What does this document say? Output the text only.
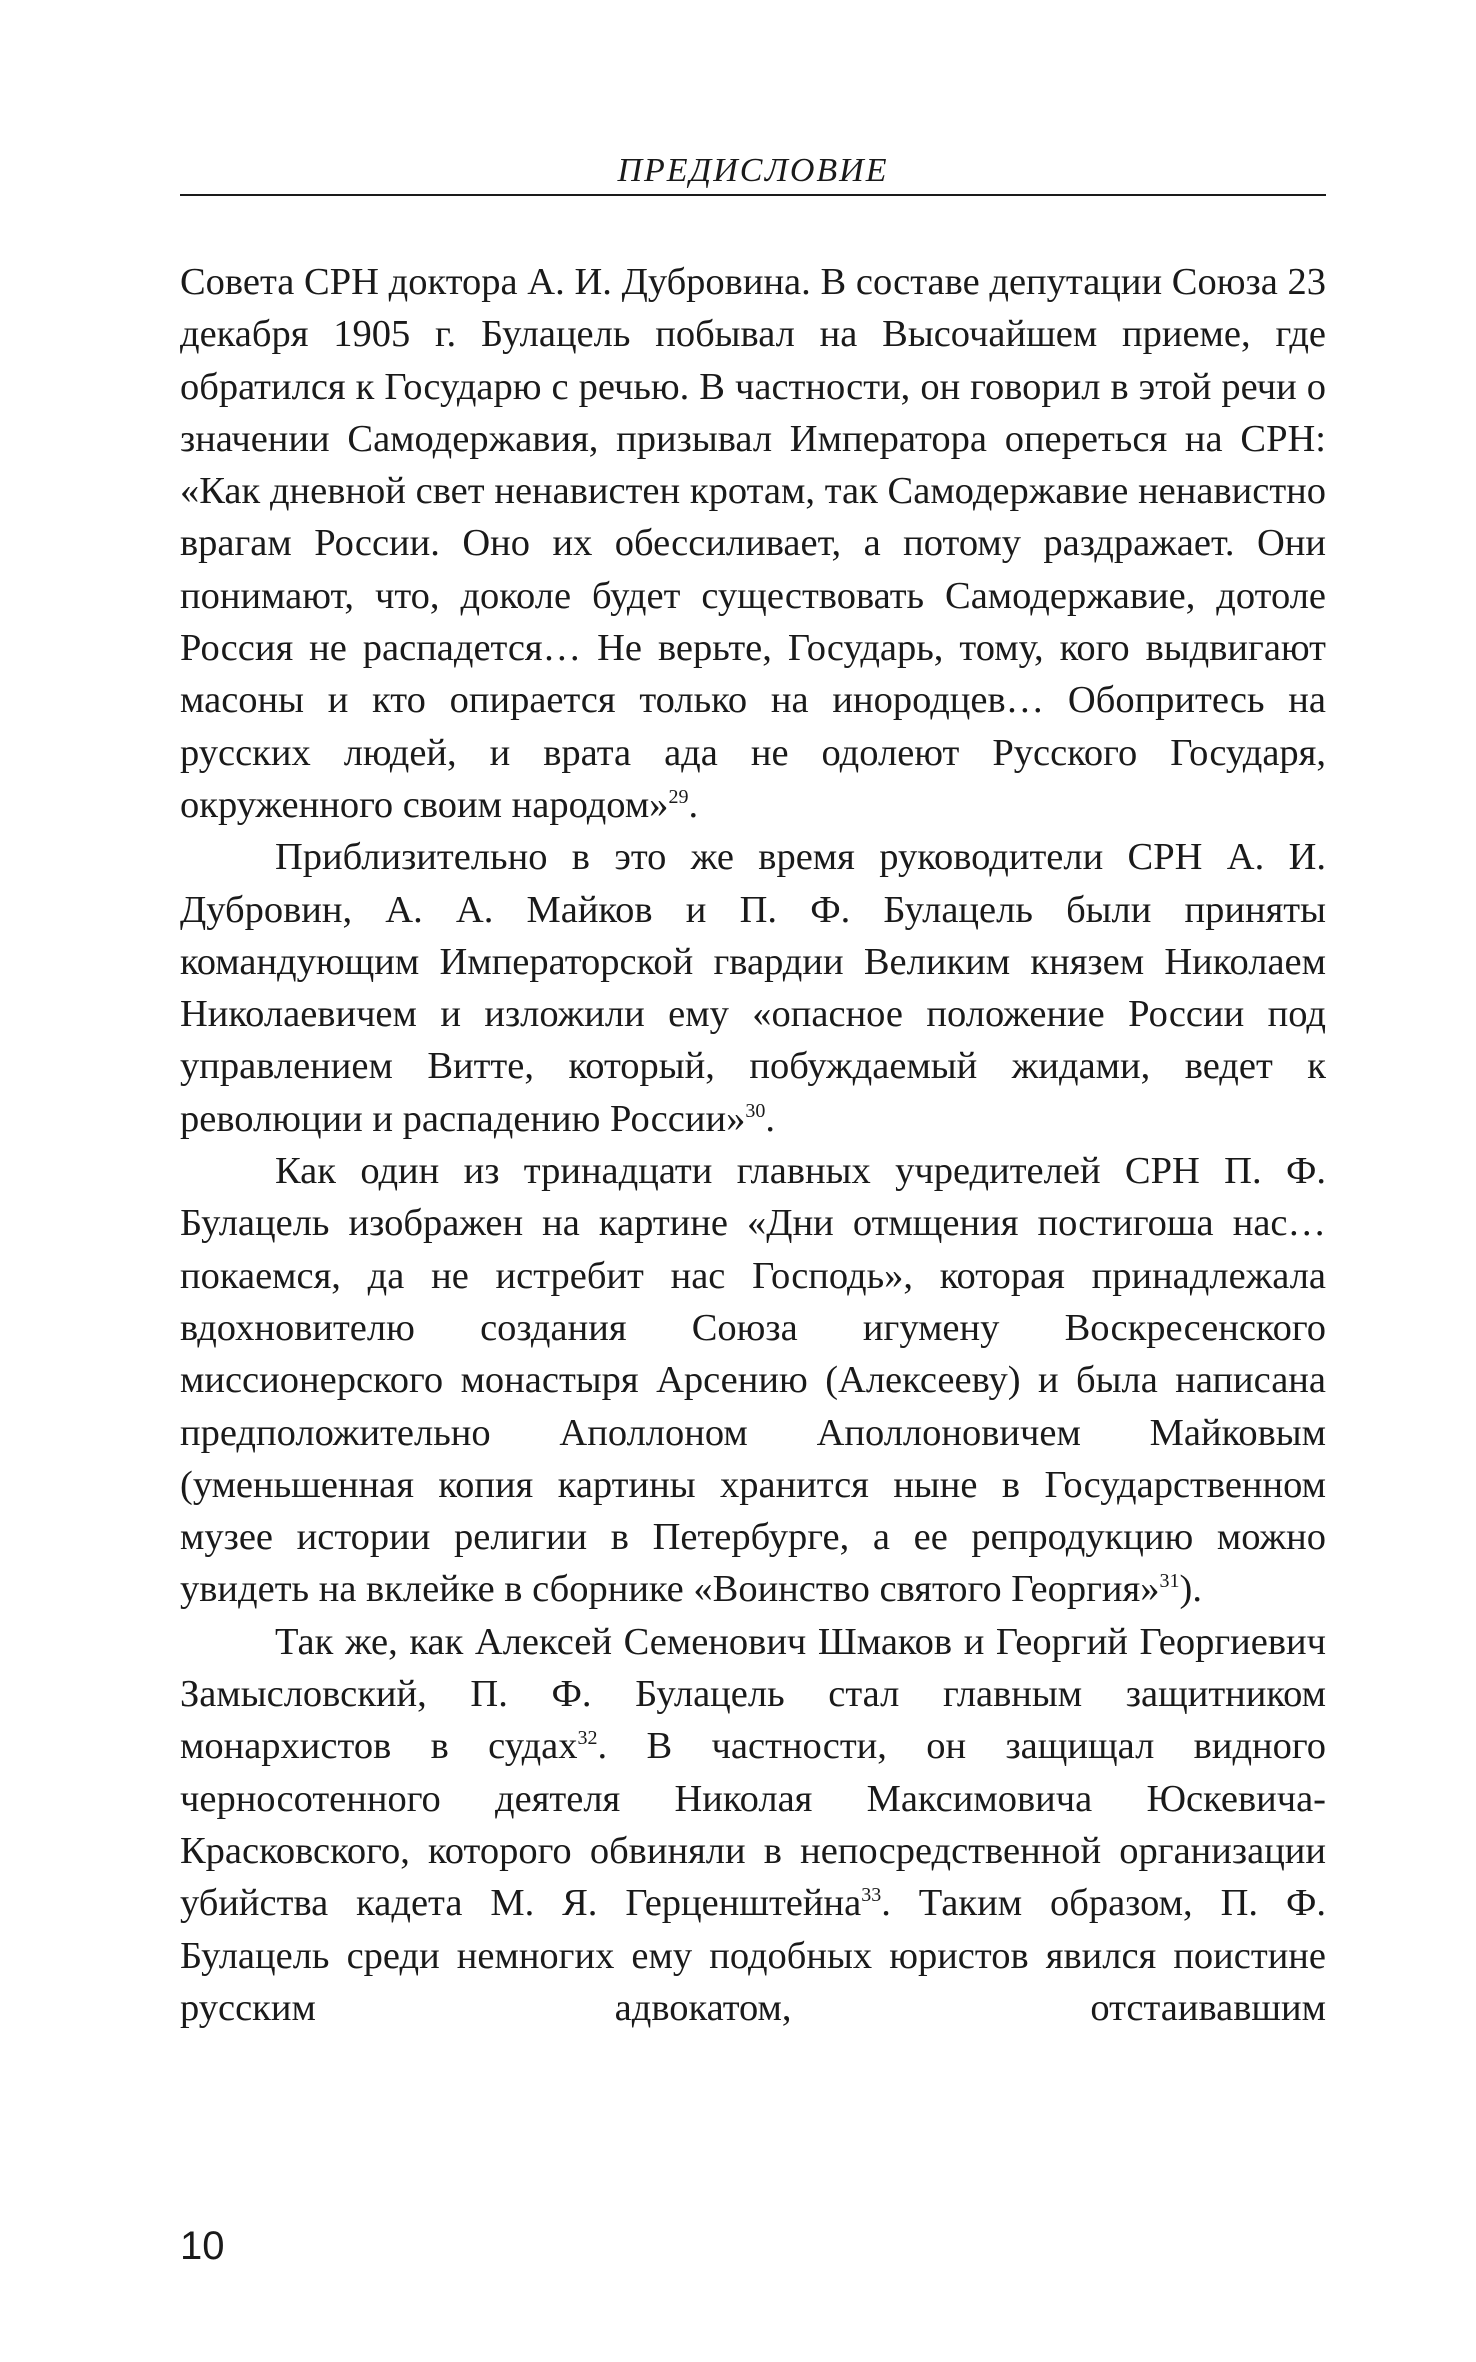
ПРЕДИСЛОВИЕ

Совета СРН доктора А. И. Дубровина. В составе депутации Союза 23 декабря 1905 г. Булацель побывал на Высочайшем приеме, где обратился к Государю с речью. В частности, он говорил в этой речи о значении Самодержавия, призывал Императора опереться на СРН: «Как дневной свет ненавистен кротам, так Самодержавие ненавистно врагам России. Оно их обессиливает, а потому раздражает. Они понимают, что, доколе будет существовать Самодержавие, дотоле Россия не распадется… Не верьте, Государь, тому, кого выдвигают масоны и кто опирается только на инородцев… Обопритесь на русских людей, и врата ада не одолеют Русского Государя, окруженного своим народом»$^{29}$.

Приблизительно в это же время руководители СРН А. И. Дубровин, А. А. Майков и П. Ф. Булацель были приняты командующим Императорской гвардии Великим князем Николаем Николаевичем и изложили ему «опасное положение России под управлением Витте, который, побуждаемый жидами, ведет к революции и распадению России»$^{30}$.

Как один из тринадцати главных учредителей СРН П. Ф. Булацель изображен на картине «Дни отмщения постигоша нас… покаемся, да не истребит нас Господь», которая принадлежала вдохновителю создания Союза игумену Воскресенского миссионерского монастыря Арсению (Алексееву) и была написана предположительно Аполлоном Аполлоновичем Майковым (уменьшенная копия картины хранится ныне в Государственном музее истории религии в Петербурге, а ее репродукцию можно увидеть на вклейке в сборнике «Воинство святого Георгия»$^{31}$).

Так же, как Алексей Семенович Шмаков и Георгий Георгиевич Замысловский, П. Ф. Булацель стал главным защитником монархистов в судах$^{32}$. В частности, он защищал видного черносотенного деятеля Николая Максимовича Юскевича-Красковского, которого обвиняли в непосредственной организации убийства кадета М. Я. Герценштейна$^{33}$. Таким образом, П. Ф. Булацель среди немногих ему подобных юристов явился поистине русским адвокатом, отстаивавшим

10
